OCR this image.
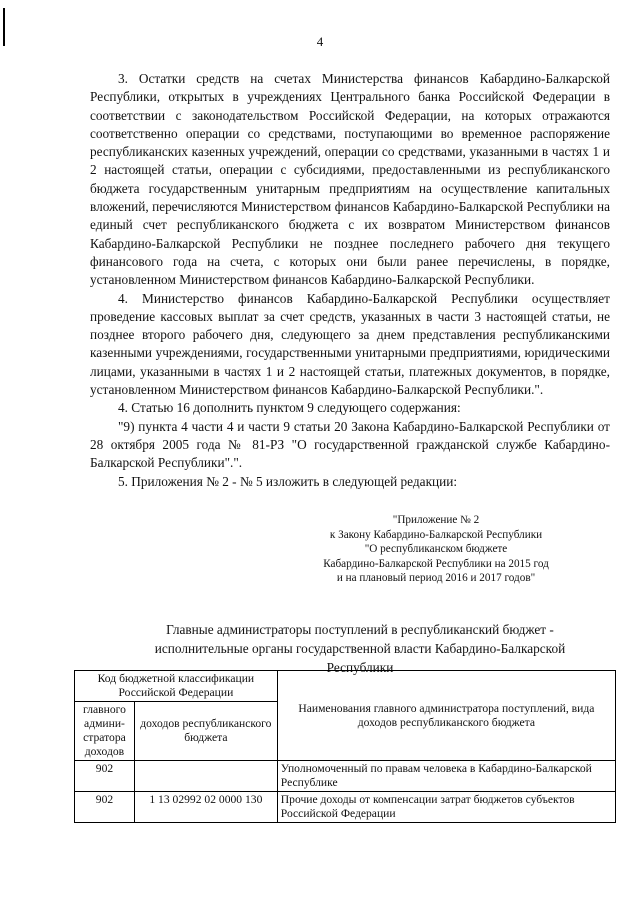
4

3. Остатки средств на счетах Министерства финансов Кабардино-Балкарской Республики, открытых в учреждениях Центрального банка Российской Федерации в соответствии с законодательством Российской Федерации, на которых отражаются соответственно операции со средствами, поступающими во временное распоряжение республиканских казенных учреждений, операции со средствами, указанными в частях 1 и 2 настоящей статьи, операции с субсидиями, предоставленными из республиканского бюджета государственным унитарным предприятиям на осуществление капитальных вложений, перечисляются Министерством финансов Кабардино-Балкарской Республики на единый счет республиканского бюджета с их возвратом Министерством финансов Кабардино-Балкарской Республики не позднее последнего рабочего дня текущего финансового года на счета, с которых они были ранее перечислены, в порядке, установленном Министерством финансов Кабардино-Балкарской Республики.

4. Министерство финансов Кабардино-Балкарской Республики осуществляет проведение кассовых выплат за счет средств, указанных в части 3 настоящей статьи, не позднее второго рабочего дня, следующего за днем представления республиканскими казенными учреждениями, государственными унитарными предприятиями, юридическими лицами, указанными в частях 1 и 2 настоящей статьи, платежных документов, в порядке, установленном Министерством финансов Кабардино-Балкарской Республики.".

4. Статью 16 дополнить пунктом 9 следующего содержания:

"9) пункта 4 части 4 и части 9 статьи 20 Закона Кабардино-Балкарской Республики от 28 октября 2005 года № 81-РЗ "О государственной гражданской службе Кабардино-Балкарской Республики".".

5. Приложения № 2 - № 5 изложить в следующей редакции:

"Приложение № 2
к Закону Кабардино-Балкарской Республики
"О республиканском бюджете
Кабардино-Балкарской Республики на 2015 год
и на плановый период 2016 и 2017 годов"
Главные администраторы поступлений в республиканский бюджет -
исполнительные органы государственной власти Кабардино-Балкарской
Республики
Код бюджетной классификации Российской Федерации		Наименования главного администратора поступлений, вида доходов республиканского бюджета
главного админи-стратора доходов	доходов республиканского бюджета	
902		Уполномоченный по правам человека в Кабардино-Балкарской Республике
902	1 13 02992 02 0000 130	Прочие доходы от компенсации затрат бюджетов субъектов Российской Федерации
